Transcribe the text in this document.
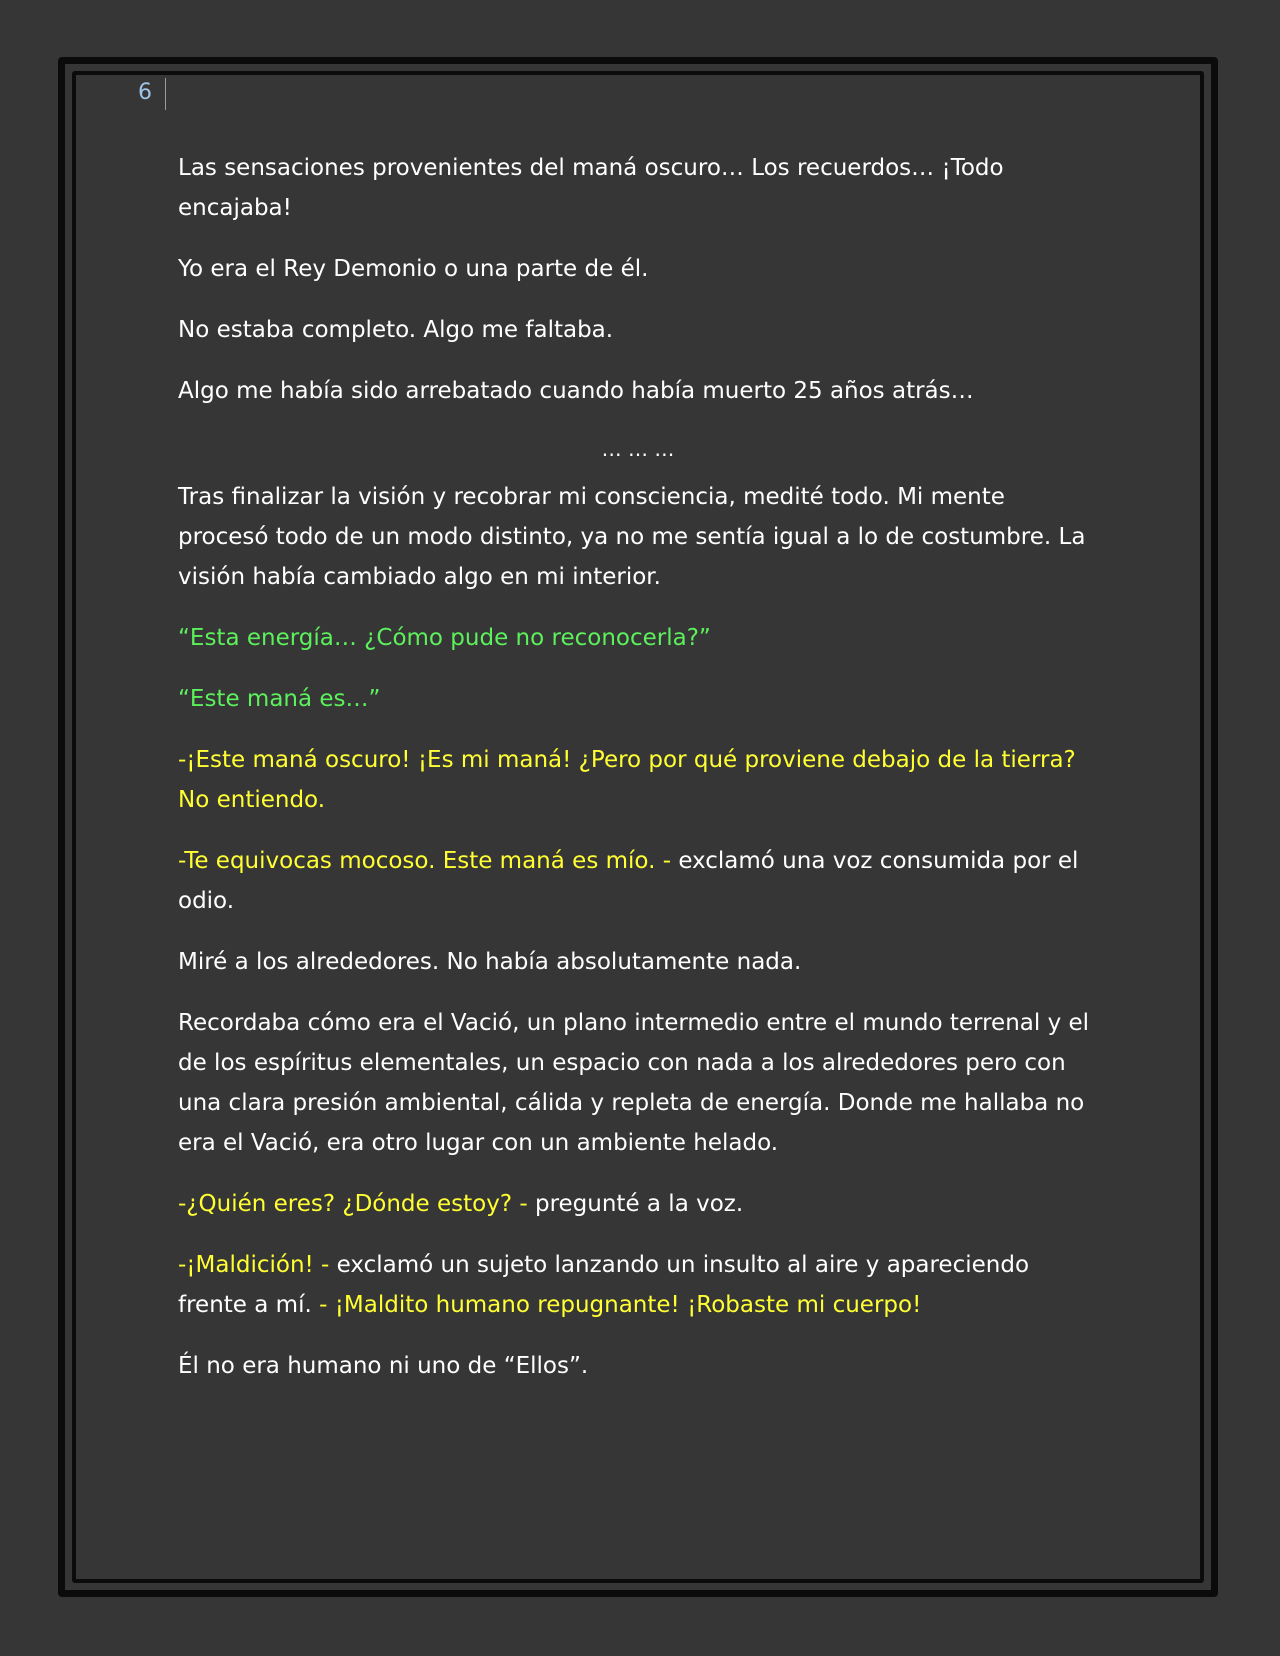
6

Las sensaciones provenientes del maná oscuro… Los recuerdos… ¡Todo encajaba!

Yo era el Rey Demonio o una parte de él.

No estaba completo. Algo me faltaba.

Algo me había sido arrebatado cuando había muerto 25 años atrás…

… … …

Tras finalizar la visión y recobrar mi consciencia, medité todo. Mi mente procesó todo de un modo distinto, ya no me sentía igual a lo de costumbre. La visión había cambiado algo en mi interior.

“Esta energía… ¿Cómo pude no reconocerla?”

“Este maná es…”

-¡Este maná oscuro! ¡Es mi maná! ¿Pero por qué proviene debajo de la tierra? No entiendo.

-Te equivocas mocoso. Este maná es mío. - exclamó una voz consumida por el odio.

Miré a los alrededores. No había absolutamente nada.

Recordaba cómo era el Vació, un plano intermedio entre el mundo terrenal y el de los espíritus elementales, un espacio con nada a los alrededores pero con una clara presión ambiental, cálida y repleta de energía. Donde me hallaba no era el Vació, era otro lugar con un ambiente helado.

-¿Quién eres? ¿Dónde estoy? - pregunté a la voz.

-¡Maldición! - exclamó un sujeto lanzando un insulto al aire y apareciendo frente a mí. - ¡Maldito humano repugnante! ¡Robaste mi cuerpo!

Él no era humano ni uno de “Ellos”.
